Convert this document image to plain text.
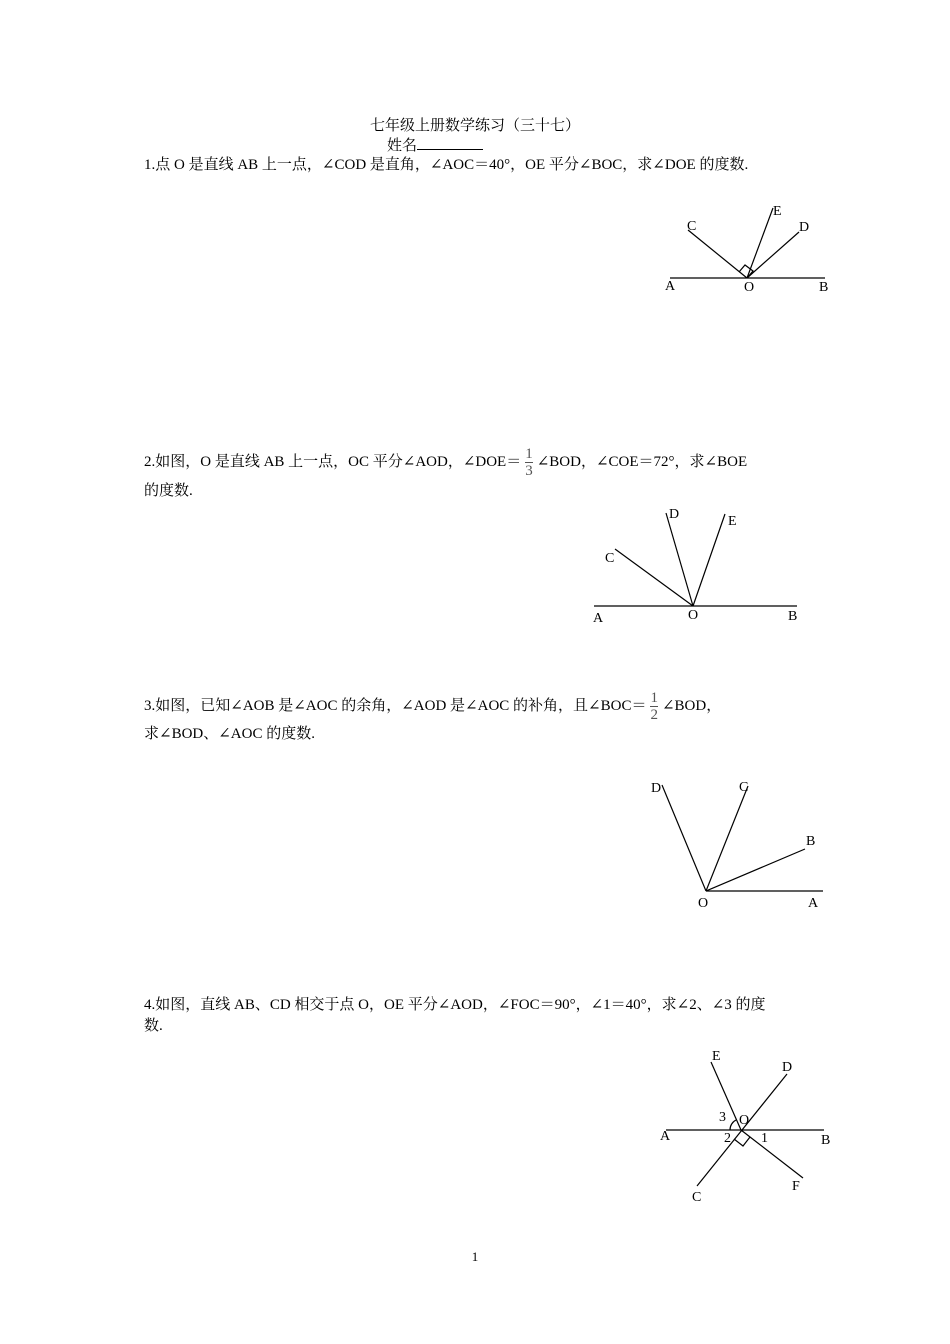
七年级上册数学练习（三十七）
姓名
1.点 O 是直线 AB 上一点，∠COD 是直角，∠AOC＝40°，OE 平分∠BOC，求∠DOE 的度数.
A	O	B
C
E
D
2.如图，O 是直线 AB 上一点，OC 平分∠AOD，∠DOE＝ $\frac{1}{3}$ ∠BOD，∠COE＝72°，求∠BOE
的度数.
A	O	B
C
D	E
3.如图，已知∠AOB 是∠AOC 的余角，∠AOD 是∠AOC 的补角，且∠BOC＝ $\frac{1}{2}$ ∠BOD，
求∠BOD、∠AOC 的度数.
O	A
B
C
D
4.如图，直线 AB、CD 相交于点 O，OE 平分∠AOD，∠FOC＝90°，∠1＝40°，求∠2、∠3 的度
数.
A	B
C
D
E
F
O
1
2
3
1
